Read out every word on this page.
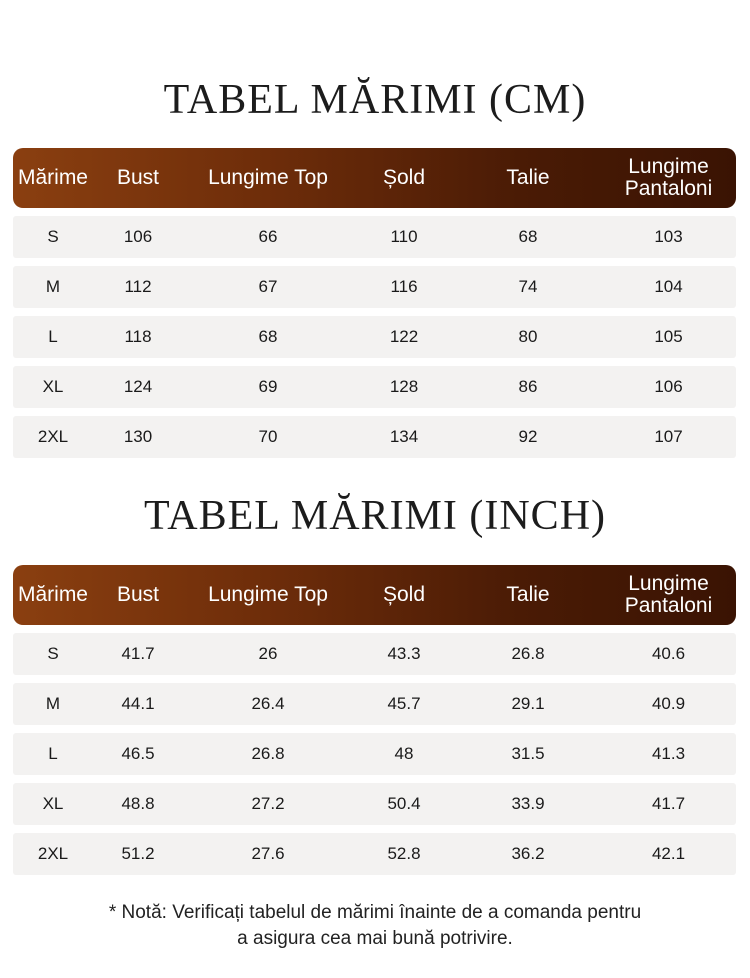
TABEL MĂRIMI (CM)
Mărime	Bust	Lungime Top	Șold	Talie	Lungime
Pantaloni
S	106	66	110	68	103
M	112	67	116	74	104
L	118	68	122	80	105
XL	124	69	128	86	106
2XL	130	70	134	92	107
TABEL MĂRIMI (INCH)
Mărime	Bust	Lungime Top	Șold	Talie	Lungime
Pantaloni
S	41.7	26	43.3	26.8	40.6
M	44.1	26.4	45.7	29.1	40.9
L	46.5	26.8	48	31.5	41.3
XL	48.8	27.2	50.4	33.9	41.7
2XL	51.2	27.6	52.8	36.2	42.1
* Notă: Verificați tabelul de mărimi înainte de a comanda pentru
a asigura cea mai bună potrivire.
